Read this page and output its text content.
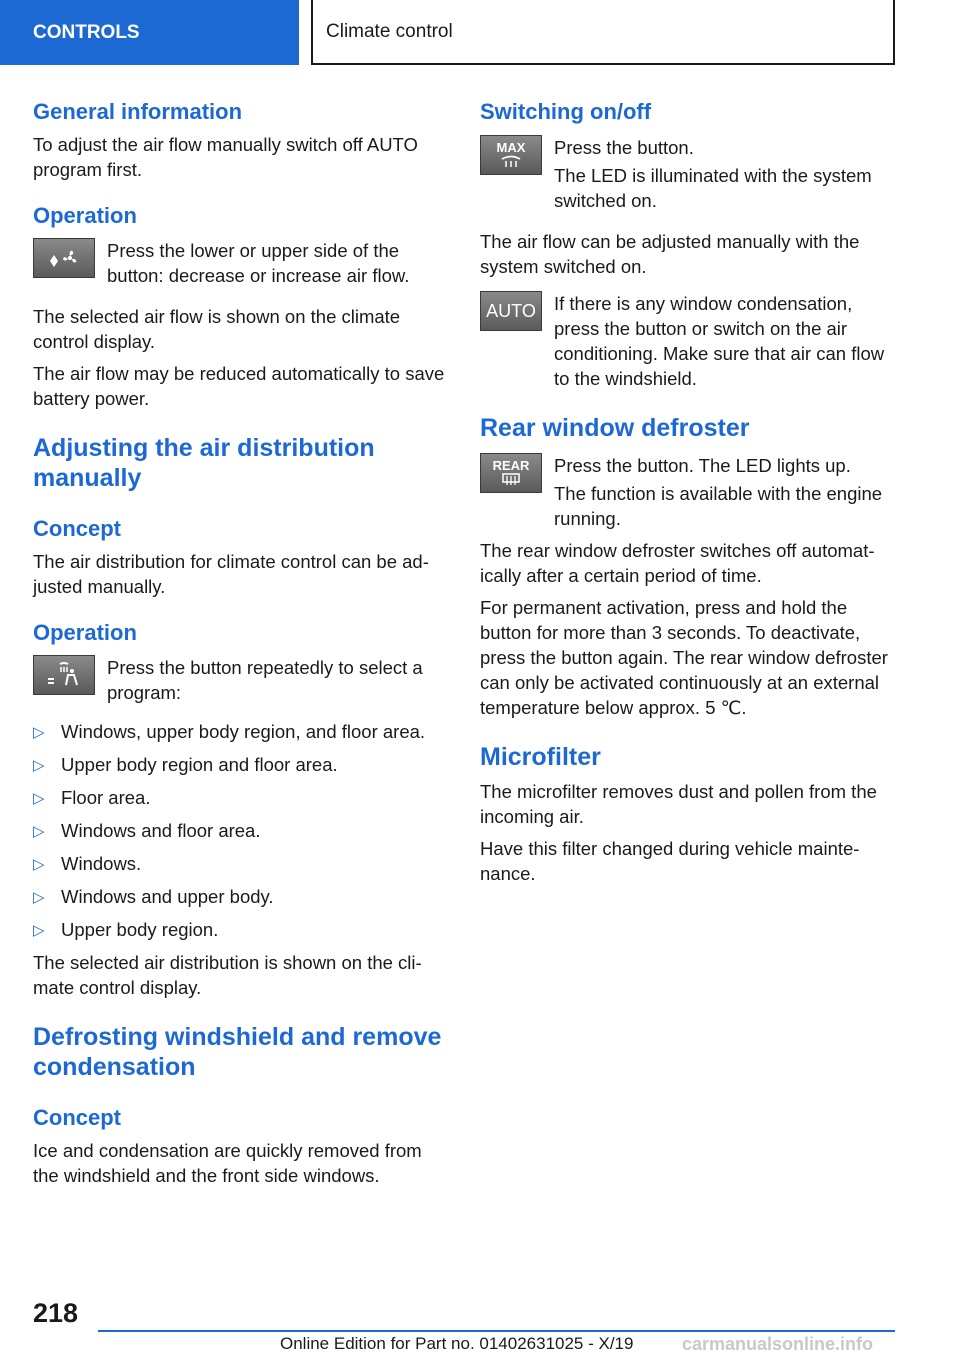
CONTROLS	Climate control
General information

To adjust the air flow manually switch off AUTO program first.

Operation

Press the lower or upper side of the button: decrease or increase air flow.

The selected air flow is shown on the climate control display.

The air flow may be reduced automatically to save battery power.

Adjusting the air distribution manually
Concept

The air distribution for climate control can be adjusted manually.

Operation

Press the button repeatedly to select a program:

▷ Windows, upper body region, and floor area.
▷ Upper body region and floor area.
▷ Floor area.
▷ Windows and floor area.
▷ Windows.
▷ Windows and upper body.
▷ Upper body region.

The selected air distribution is shown on the climate control display.

Defrosting windshield and remove condensation
Concept

Ice and condensation are quickly removed from the windshield and the front side windows.

Switching on/off
MAX Press the button.

The LED is illuminated with the system switched on.

The air flow can be adjusted manually with the system switched on.

AUTO If there is any window condensation, press the button or switch on the air conditioning. Make sure that air can flow to the windshield.

Rear window defroster
REAR Press the button. The LED lights up.

The function is available with the engine running.

The rear window defroster switches off automatically after a certain period of time.

For permanent activation, press and hold the button for more than 3 seconds. To deactivate, press the button again. The rear window defroster can only be activated continuously at an external temperature below approx. 5 ℃.

Microfilter

The microfilter removes dust and pollen from the incoming air.

Have this filter changed during vehicle maintenance.

218
Online Edition for Part no. 01402631025 - X/19	carmanualsonline.info
